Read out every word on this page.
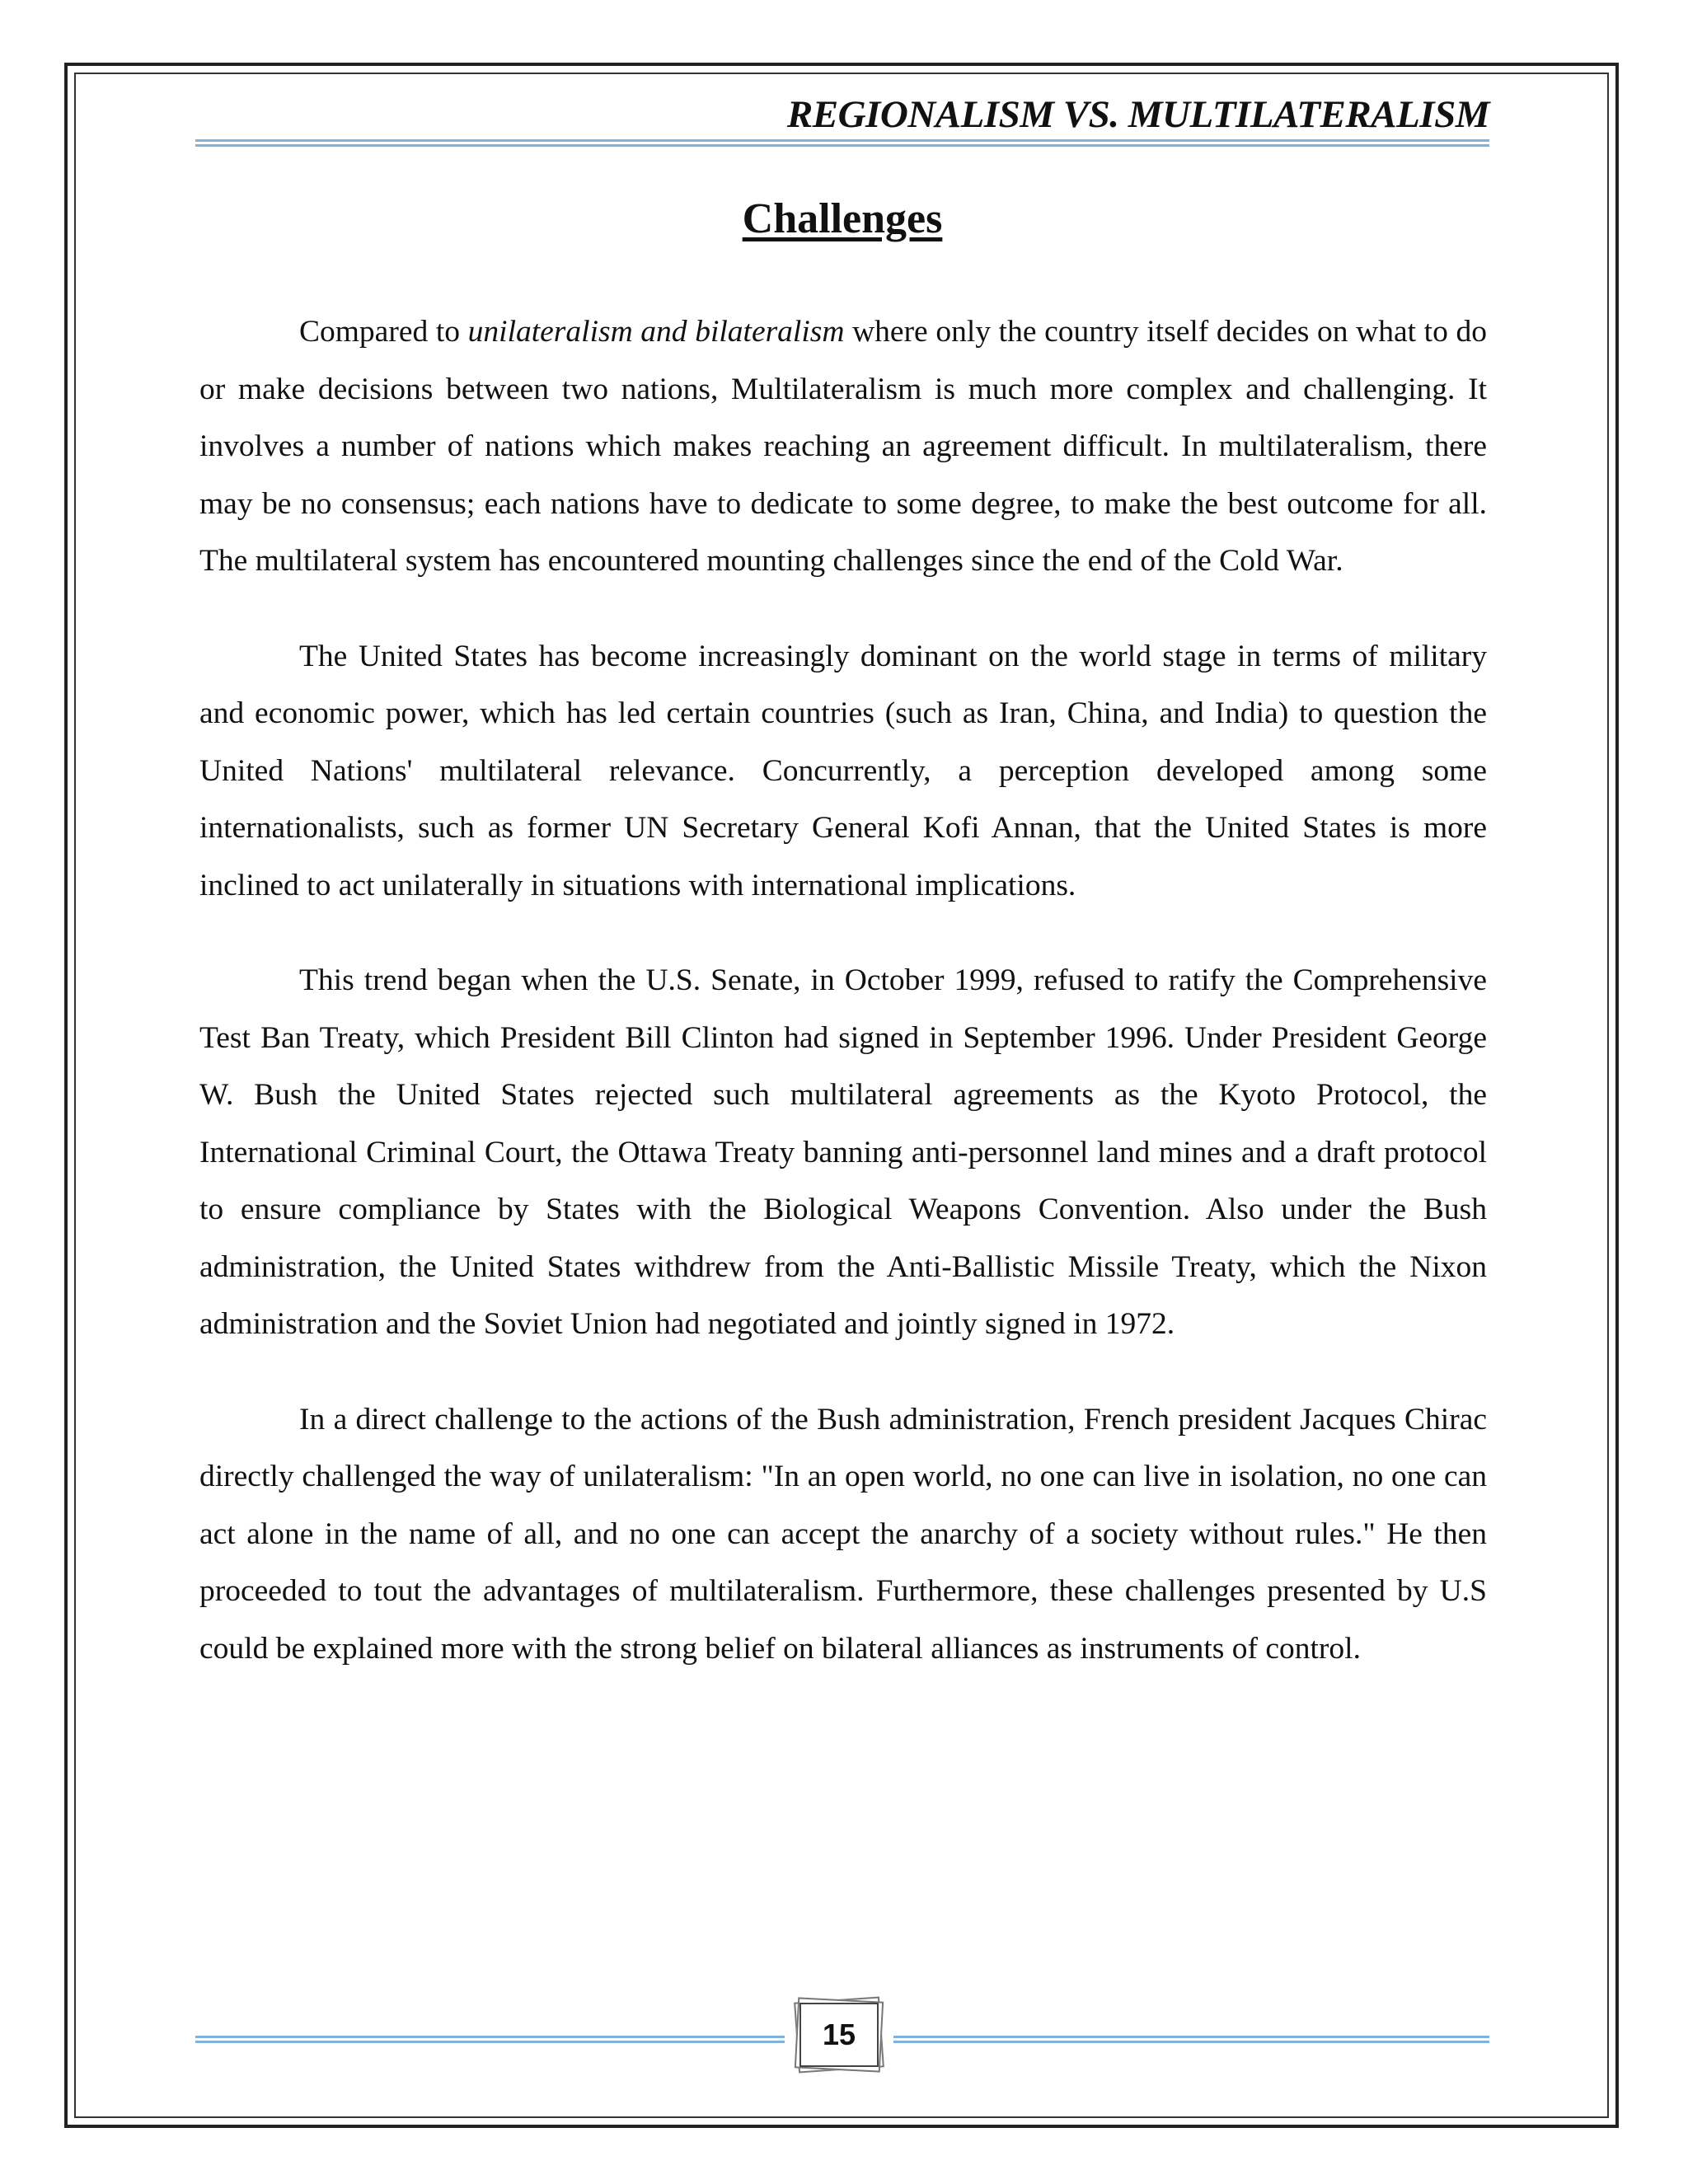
REGIONALISM VS. MULTILATERALISM
Challenges

Compared to unilateralism and bilateralism where only the country itself decides on what to do or make decisions between two nations, Multilateralism is much more complex and challenging. It involves a number of nations which makes reaching an agreement difficult. In multilateralism, there may be no consensus; each nations have to dedicate to some degree, to make the best outcome for all. The multilateral system has encountered mounting challenges since the end of the Cold War.

The United States has become increasingly dominant on the world stage in terms of military and economic power, which has led certain countries (such as Iran, China, and India) to question the United Nations' multilateral relevance. Concurrently, a perception developed among some internationalists, such as former UN Secretary General Kofi Annan, that the United States is more inclined to act unilaterally in situations with international implications.

This trend began when the U.S. Senate, in October 1999, refused to ratify the Comprehensive Test Ban Treaty, which President Bill Clinton had signed in September 1996. Under President George W. Bush the United States rejected such multilateral agreements as the Kyoto Protocol, the International Criminal Court, the Ottawa Treaty banning anti-personnel land mines and a draft protocol to ensure compliance by States with the Biological Weapons Convention. Also under the Bush administration, the United States withdrew from the Anti-Ballistic Missile Treaty, which the Nixon administration and the Soviet Union had negotiated and jointly signed in 1972.

In a direct challenge to the actions of the Bush administration, French president Jacques Chirac directly challenged the way of unilateralism: "In an open world, no one can live in isolation, no one can act alone in the name of all, and no one can accept the anarchy of a society without rules." He then proceeded to tout the advantages of multilateralism. Furthermore, these challenges presented by U.S could be explained more with the strong belief on bilateral alliances as instruments of control.

15
